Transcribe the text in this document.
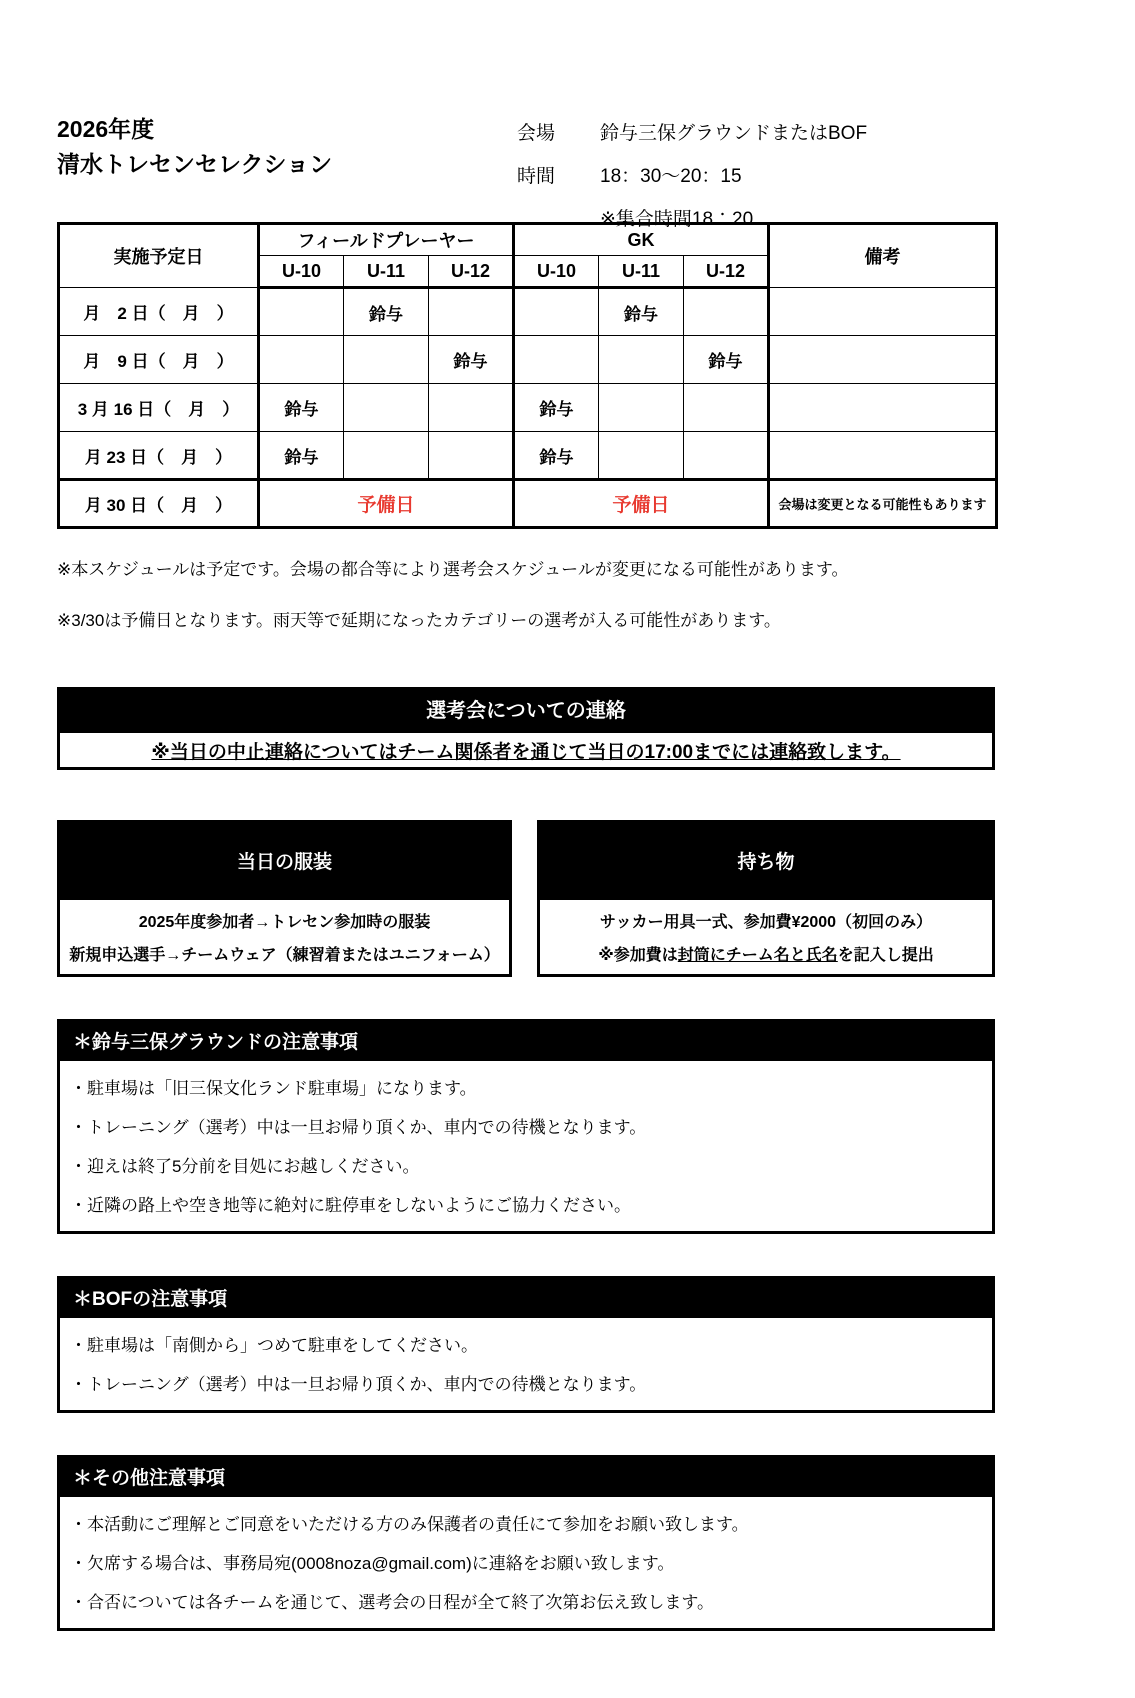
2026年度
清水トレセンセレクション
会場	鈴与三保グラウンドまたはBOF
時間	18：30～20：15
※集合時間18：20
実施予定日	フィールドプレーヤー			GK			備考
	U-10	U-11	U-12	U-10	U-11	U-12	
月　2 日（　月　）		鈴与			鈴与		
月　9 日（　月　）			鈴与			鈴与	
3 月 16 日（　月　）	鈴与			鈴与			
月 23 日（　月　）	鈴与			鈴与			
月 30 日（　月　）	予備日			予備日			会場は変更となる可能性もあります
※本スケジュールは予定です。会場の都合等により選考会スケジュールが変更になる可能性があります。
※3/30は予備日となります。雨天等で延期になったカテゴリーの選考が入る可能性があります。
選考会についての連絡
※当日の中止連絡についてはチーム関係者を通じて当日の17:00までには連絡致します。
当日の服装
2025年度参加者→トレセン参加時の服装
新規申込選手→チームウェア（練習着またはユニフォーム）
持ち物
サッカー用具一式、参加費¥2000（初回のみ）
※参加費は封筒にチーム名と氏名を記入し提出
＊鈴与三保グラウンドの注意事項
・駐車場は「旧三保文化ランド駐車場」になります。
・トレーニング（選考）中は一旦お帰り頂くか、車内での待機となります。
・迎えは終了5分前を目処にお越しください。
・近隣の路上や空き地等に絶対に駐停車をしないようにご協力ください。
＊BOFの注意事項
・駐車場は「南側から」つめて駐車をしてください。
・トレーニング（選考）中は一旦お帰り頂くか、車内での待機となります。
＊その他注意事項
・本活動にご理解とご同意をいただける方のみ保護者の責任にて参加をお願い致します。
・欠席する場合は、事務局宛(0008noza@gmail.com)に連絡をお願い致します。
・合否については各チームを通じて、選考会の日程が全て終了次第お伝え致します。
